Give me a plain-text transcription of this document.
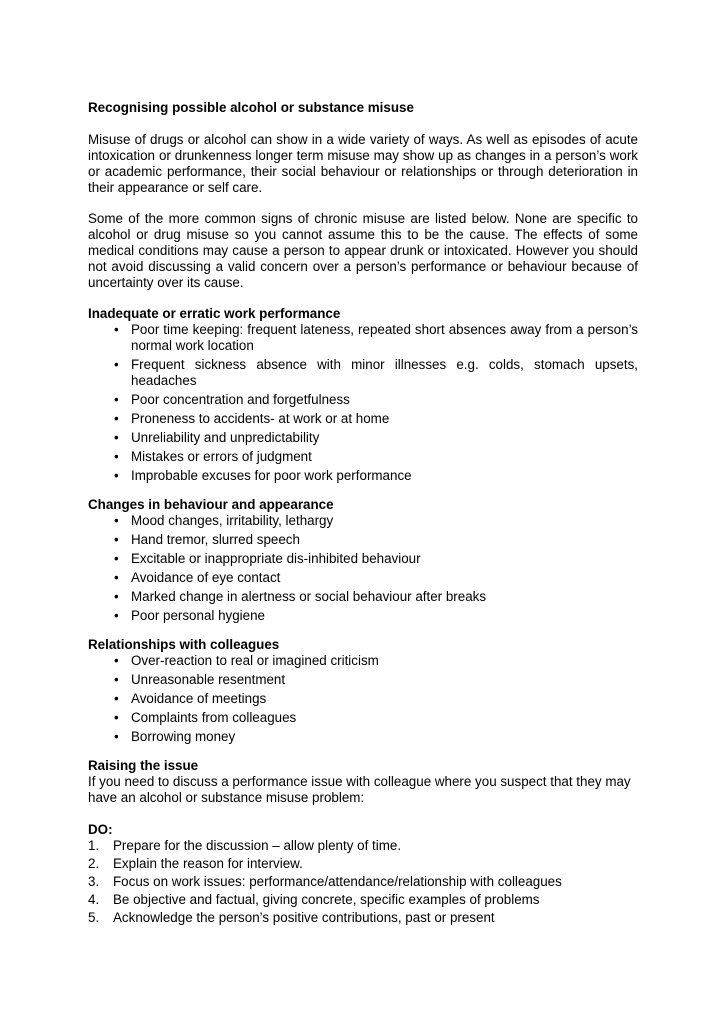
Recognising possible alcohol or substance misuse

Misuse of drugs or alcohol can show in a wide variety of ways. As well as episodes of acute intoxication or drunkenness longer term misuse may show up as changes in a person’s work or academic performance, their social behaviour or relationships or through deterioration in their appearance or self care.

Some of the more common signs of chronic misuse are listed below. None are specific to alcohol or drug misuse so you cannot assume this to be the cause. The effects of some medical conditions may cause a person to appear drunk or intoxicated. However you should not avoid discussing a valid concern over a person’s performance or behaviour because of uncertainty over its cause.

Inadequate or erratic work performance

• Poor time keeping: frequent lateness, repeated short absences away from a person’s normal work location
• Frequent sickness absence with minor illnesses e.g. colds, stomach upsets, headaches
• Poor concentration and forgetfulness
• Proneness to accidents- at work or at home
• Unreliability and unpredictability
• Mistakes or errors of judgment
• Improbable excuses for poor work performance

Changes in behaviour and appearance

• Mood changes, irritability, lethargy
• Hand tremor, slurred speech
• Excitable or inappropriate dis-inhibited behaviour
• Avoidance of eye contact
• Marked change in alertness or social behaviour after breaks
• Poor personal hygiene

Relationships with colleagues

• Over-reaction to real or imagined criticism
• Unreasonable resentment
• Avoidance of meetings
• Complaints from colleagues
• Borrowing money

Raising the issue

If you need to discuss a performance issue with colleague where you suspect that they may have an alcohol or substance misuse problem:

DO:

1. Prepare for the discussion – allow plenty of time.
2. Explain the reason for interview.
3. Focus on work issues: performance/attendance/relationship with colleagues
4. Be objective and factual, giving concrete, specific examples of problems
5. Acknowledge the person’s positive contributions, past or present
